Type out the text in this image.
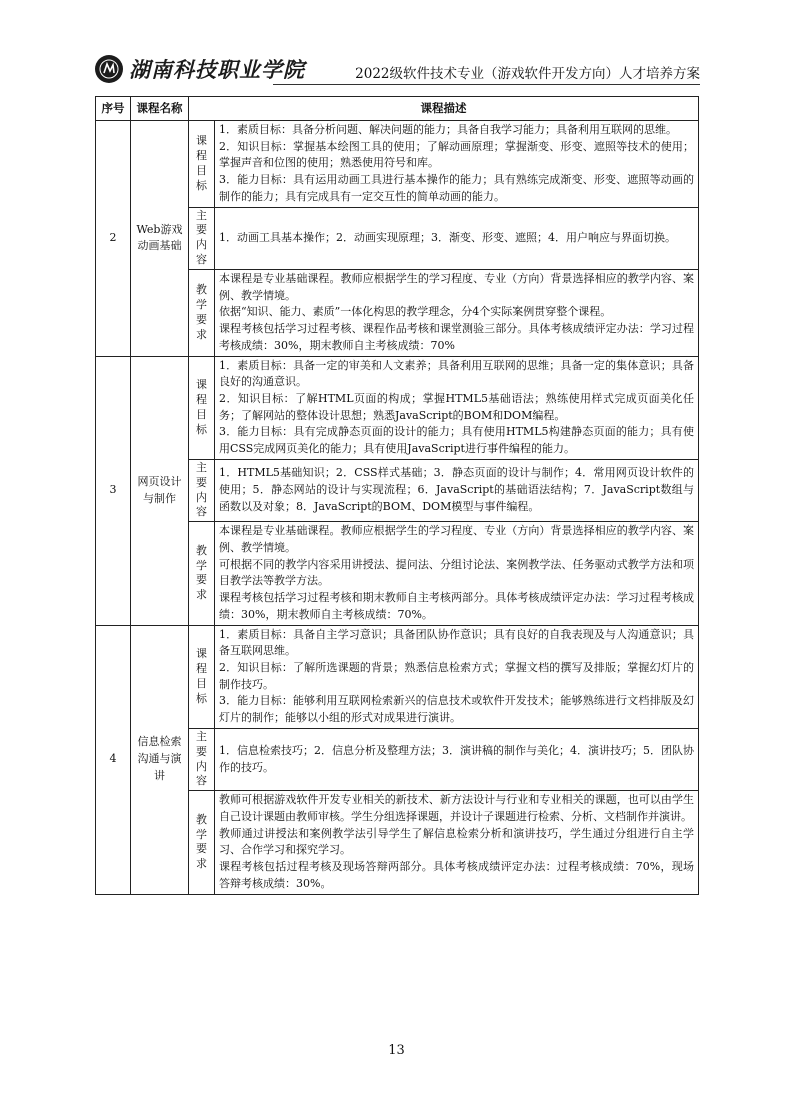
湖南科技职业学院	2022级软件技术专业（游戏软件开发方向）人才培养方案
序号	课程名称	课程描述	
2	Web游戏动画基础	课程目标	1．素质目标：具备分析问题、解决问题的能力；具备自我学习能力；具备利用互联网的思维。

2．知识目标：掌握基本绘图工具的使用；了解动画原理；掌握渐变、形变、遮照等技术的使用；掌握声音和位图的使用；熟悉使用符号和库。

3．能力目标：具有运用动画工具进行基本操作的能力；具有熟练完成渐变、形变、遮照等动画的制作的能力；具有完成具有一定交互性的简单动画的能力。

		主要内容	1．动画工具基本操作；2．动画实现原理；3．渐变、形变、遮照；4．用户响应与界面切换。

		教学要求	本课程是专业基础课程。教师应根据学生的学习程度、专业（方向）背景选择相应的教学内容、案例、教学情境。

依据“知识、能力、素质”一体化构思的教学理念，分4个实际案例贯穿整个课程。

课程考核包括学习过程考核、课程作品考核和课堂测验三部分。具体考核成绩评定办法：学习过程考核成绩：30%，期末教师自主考核成绩：70%

3	网页设计与制作	课程目标	1．素质目标：具备一定的审美和人文素养；具备利用互联网的思维；具备一定的集体意识；具备良好的沟通意识。

2．知识目标：了解HTML页面的构成；掌握HTML5基础语法；熟练使用样式完成页面美化任务；了解网站的整体设计思想；熟悉JavaScript的BOM和DOM编程。

3．能力目标：具有完成静态页面的设计的能力；具有使用HTML5构建静态页面的能力；具有使用CSS完成网页美化的能力；具有使用JavaScript进行事件编程的能力。

		主要内容	1．HTML5基础知识；2．CSS样式基础；3．静态页面的设计与制作；4．常用网页设计软件的使用；5．静态网站的设计与实现流程；6．JavaScript的基础语法结构；7．JavaScript数组与函数以及对象；8．JavaScript的BOM、DOM模型与事件编程。

		教学要求	本课程是专业基础课程。教师应根据学生的学习程度、专业（方向）背景选择相应的教学内容、案例、教学情境。

可根据不同的教学内容采用讲授法、提问法、分组讨论法、案例教学法、任务驱动式教学方法和项目教学法等教学方法。

课程考核包括学习过程考核和期末教师自主考核两部分。具体考核成绩评定办法：学习过程考核成绩：30%，期末教师自主考核成绩：70%。

4	信息检索沟通与演讲	课程目标	1．素质目标：具备自主学习意识；具备团队协作意识；具有良好的自我表现及与人沟通意识；具备互联网思维。

2．知识目标：了解所选课题的背景；熟悉信息检索方式；掌握文档的撰写及排版；掌握幻灯片的制作技巧。

3．能力目标：能够利用互联网检索新兴的信息技术或软件开发技术；能够熟练进行文档排版及幻灯片的制作；能够以小组的形式对成果进行演讲。

		主要内容	1．信息检索技巧；2．信息分析及整理方法；3．演讲稿的制作与美化；4．演讲技巧；5．团队协作的技巧。

		教学要求	教师可根据游戏软件开发专业相关的新技术、新方法设计与行业和专业相关的课题，也可以由学生自己设计课题由教师审核。学生分组选择课题，并设计子课题进行检索、分析、文档制作并演讲。

教师通过讲授法和案例教学法引导学生了解信息检索分析和演讲技巧，学生通过分组进行自主学习、合作学习和探究学习。

课程考核包括过程考核及现场答辩两部分。具体考核成绩评定办法：过程考核成绩：70%，现场答辩考核成绩：30%。

13
